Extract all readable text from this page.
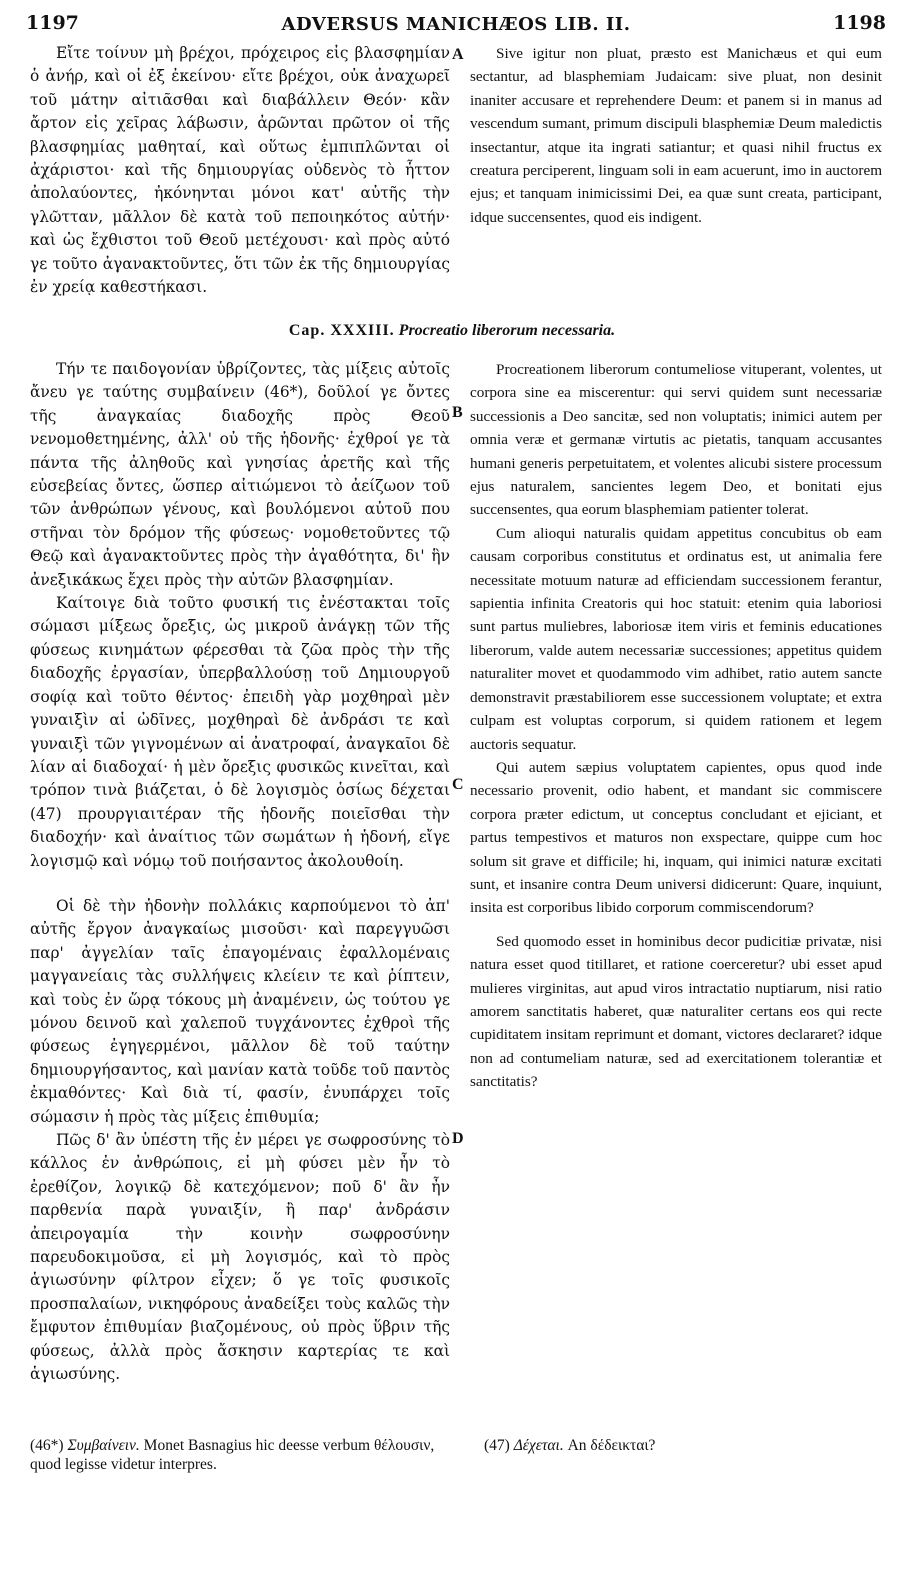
1197	ADVERSUS MANICHÆOS LIB. II.	1198
A
B
C
D

Εἴτε τοίνυν μὴ βρέχοι, πρόχειρος εἰς βλασφημίαν ὁ ἀνήρ, καὶ οἱ ἐξ ἐκείνου· εἴτε βρέχοι, οὐκ ἀναχωρεῖ τοῦ μάτην αἰτιᾶσθαι καὶ διαβάλλειν Θεόν· κἂν ἄρτον εἰς χεῖρας λάβωσιν, ἀρῶνται πρῶτον οἱ τῆς βλασφημίας μαθηταί, καὶ οὕτως ἐμπιπλῶνται οἱ ἀχάριστοι· καὶ τῆς δημιουργίας οὐδενὸς τὸ ἧττον ἀπολαύοντες, ἠκόνηνται μόνοι κατ' αὐτῆς τὴν γλῶτταν, μᾶλλον δὲ κατὰ τοῦ πεποιηκότος αὐτήν· καὶ ὡς ἔχθιστοι τοῦ Θεοῦ μετέχουσι· καὶ πρὸς αὐτό γε τοῦτο ἀγανακτοῦντες, ὅτι τῶν ἐκ τῆς δημιουργίας ἐν χρείᾳ καθεστήκασι.

Sive igitur non pluat, præsto est Manichæus et qui eum sectantur, ad blasphemiam Judaicam: sive pluat, non desinit inaniter accusare et reprehendere Deum: et panem si in manus ad vescendum sumant, primum discipuli blasphemiæ Deum maledictis insectantur, atque ita ingrati satiantur; et quasi nihil fructus ex creatura perciperent, linguam soli in eam acuerunt, imo in auctorem ejus; et tanquam inimicissimi Dei, ea quæ sunt creata, participant, idque succensentes, quod eis indigent.

Cap. XXXIII. Procreatio liberorum necessaria.

Τήν τε παιδογονίαν ὑβρίζοντες, τὰς μίξεις αὐτοῖς ἄνευ γε ταύτης συμβαίνειν (46*), δοῦλοί γε ὄντες τῆς ἀναγκαίας διαδοχῆς πρὸς Θεοῦ νενομοθετημένης, ἀλλ' οὐ τῆς ἡδονῆς· ἐχθροί γε τὰ πάντα τῆς ἀληθοῦς καὶ γνησίας ἀρετῆς καὶ τῆς εὐσεβείας ὄντες, ὥσπερ αἰτιώμενοι τὸ ἀείζωον τοῦ τῶν ἀνθρώπων γένους, καὶ βουλόμενοι αὐτοῦ που στῆναι τὸν δρόμον τῆς φύσεως· νομοθετοῦντες τῷ Θεῷ καὶ ἀγανακτοῦντες πρὸς τὴν ἀγαθότητα, δι' ἣν ἀνεξικάκως ἔχει πρὸς τὴν αὐτῶν βλασφημίαν.

Καίτοιγε διὰ τοῦτο φυσική τις ἐνέστακται τοῖς σώμασι μίξεως ὄρεξις, ὡς μικροῦ ἀνάγκῃ τῶν τῆς φύσεως κινημάτων φέρεσθαι τὰ ζῶα πρὸς τὴν τῆς διαδοχῆς ἐργασίαν, ὑπερβαλλούσῃ τοῦ Δημιουργοῦ σοφίᾳ καὶ τοῦτο θέντος· ἐπειδὴ γὰρ μοχθηραὶ μὲν γυναιξὶν αἱ ὠδῖνες, μοχθηραὶ δὲ ἀνδράσι τε καὶ γυναιξὶ τῶν γιγνομένων αἱ ἀνατροφαί, ἀναγκαῖοι δὲ λίαν αἱ διαδοχαί· ἡ μὲν ὄρεξις φυσικῶς κινεῖται, καὶ τρόπον τινὰ βιάζεται, ὁ δὲ λογισμὸς ὁσίως δέχεται (47) προυργιαιτέραν τῆς ἡδονῆς ποιεῖσθαι τὴν διαδοχήν· καὶ ἀναίτιος τῶν σωμάτων ἡ ἡδονή, εἴγε λογισμῷ καὶ νόμῳ τοῦ ποιήσαντος ἀκολουθοίη.

Οἱ δὲ τὴν ἡδονὴν πολλάκις καρπούμενοι τὸ ἀπ' αὐτῆς ἔργον ἀναγκαίως μισοῦσι· καὶ παρεγγυῶσι παρ' ἀγγελίαν ταῖς ἐπαγομέναις ἐφαλλομέναις μαγγανείαις τὰς συλλήψεις κλείειν τε καὶ ῥίπτειν, καὶ τοὺς ἐν ὥρᾳ τόκους μὴ ἀναμένειν, ὡς τούτου γε μόνου δεινοῦ καὶ χαλεποῦ τυγχάνοντες ἐχθροὶ τῆς φύσεως ἐγηγερμένοι, μᾶλλον δὲ τοῦ ταύτην δημιουργήσαντος, καὶ μανίαν κατὰ τοῦδε τοῦ παντὸς ἐκμαθόντες· Καὶ διὰ τί, φασίν, ἐνυπάρχει τοῖς σώμασιν ἡ πρὸς τὰς μίξεις ἐπιθυμία;

Πῶς δ' ἂν ὑπέστη τῆς ἐν μέρει γε σωφροσύνης τὸ κάλλος ἐν ἀνθρώποις, εἰ μὴ φύσει μὲν ἦν τὸ ἐρεθίζον, λογικῷ δὲ κατεχόμενον; ποῦ δ' ἂν ἦν παρθενία παρὰ γυναιξίν, ἢ παρ' ἀνδράσιν ἀπειρογαμία τὴν κοινὴν σωφροσύνην παρευδοκιμοῦσα, εἰ μὴ λογισμός, καὶ τὸ πρὸς ἁγιωσύνην φίλτρον εἶχεν; ὅ γε τοῖς φυσικοῖς προσπαλαίων, νικηφόρους ἀναδείξει τοὺς καλῶς τὴν ἔμφυτον ἐπιθυμίαν βιαζομένους, οὐ πρὸς ὕβριν τῆς φύσεως, ἀλλὰ πρὸς ἄσκησιν καρτερίας τε καὶ ἁγιωσύνης.

Procreationem liberorum contumeliose vituperant, volentes, ut corpora sine ea miscerentur: qui servi quidem sunt necessariæ successionis a Deo sancitæ, sed non voluptatis; inimici autem per omnia veræ et germanæ virtutis ac pietatis, tanquam accusantes humani generis perpetuitatem, et volentes alicubi sistere processum ejus naturalem, sancientes legem Deo, et bonitati ejus succensentes, qua eorum blasphemiam patienter tolerat.

Cum alioqui naturalis quidam appetitus concubitus ob eam causam corporibus constitutus et ordinatus est, ut animalia fere necessitate motuum naturæ ad efficiendam successionem ferantur, sapientia infinita Creatoris qui hoc statuit: etenim quia laboriosi sunt partus muliebres, laboriosæ item viris et feminis educationes liberorum, valde autem necessariæ successiones; appetitus quidem naturaliter movet et quodammodo vim adhibet, ratio autem sancte demonstravit præstabiliorem esse successionem voluptate; et extra culpam est voluptas corporum, si quidem rationem et legem auctoris sequatur.

Qui autem sæpius voluptatem capientes, opus quod inde necessario provenit, odio habent, et mandant sic commiscere corpora præter edictum, ut conceptus concludant et ejiciant, et partus tempestivos et maturos non exspectare, quippe cum hoc solum sit grave et difficile; hi, inquam, qui inimici naturæ excitati sunt, et insanire contra Deum universi didicerunt: Quare, inquiunt, insita est corporibus libido corporum commiscendorum?

Sed quomodo esset in hominibus decor pudicitiæ privatæ, nisi natura esset quod titillaret, et ratione coerceretur? ubi esset apud mulieres virginitas, aut apud viros intractatio nuptiarum, nisi ratio amorem sanctitatis haberet, quæ naturaliter certans eos qui recte cupiditatem insitam reprimunt et domant, victores declararet? idque non ad contumeliam naturæ, sed ad exercitationem tolerantiæ et sanctitatis?

(46*) Συμβαίνειν. Monet Basnagius hic deesse verbum θέλουσιν, quod legisse videtur interpres.
(47) Δέχεται. An δέδεικται?
